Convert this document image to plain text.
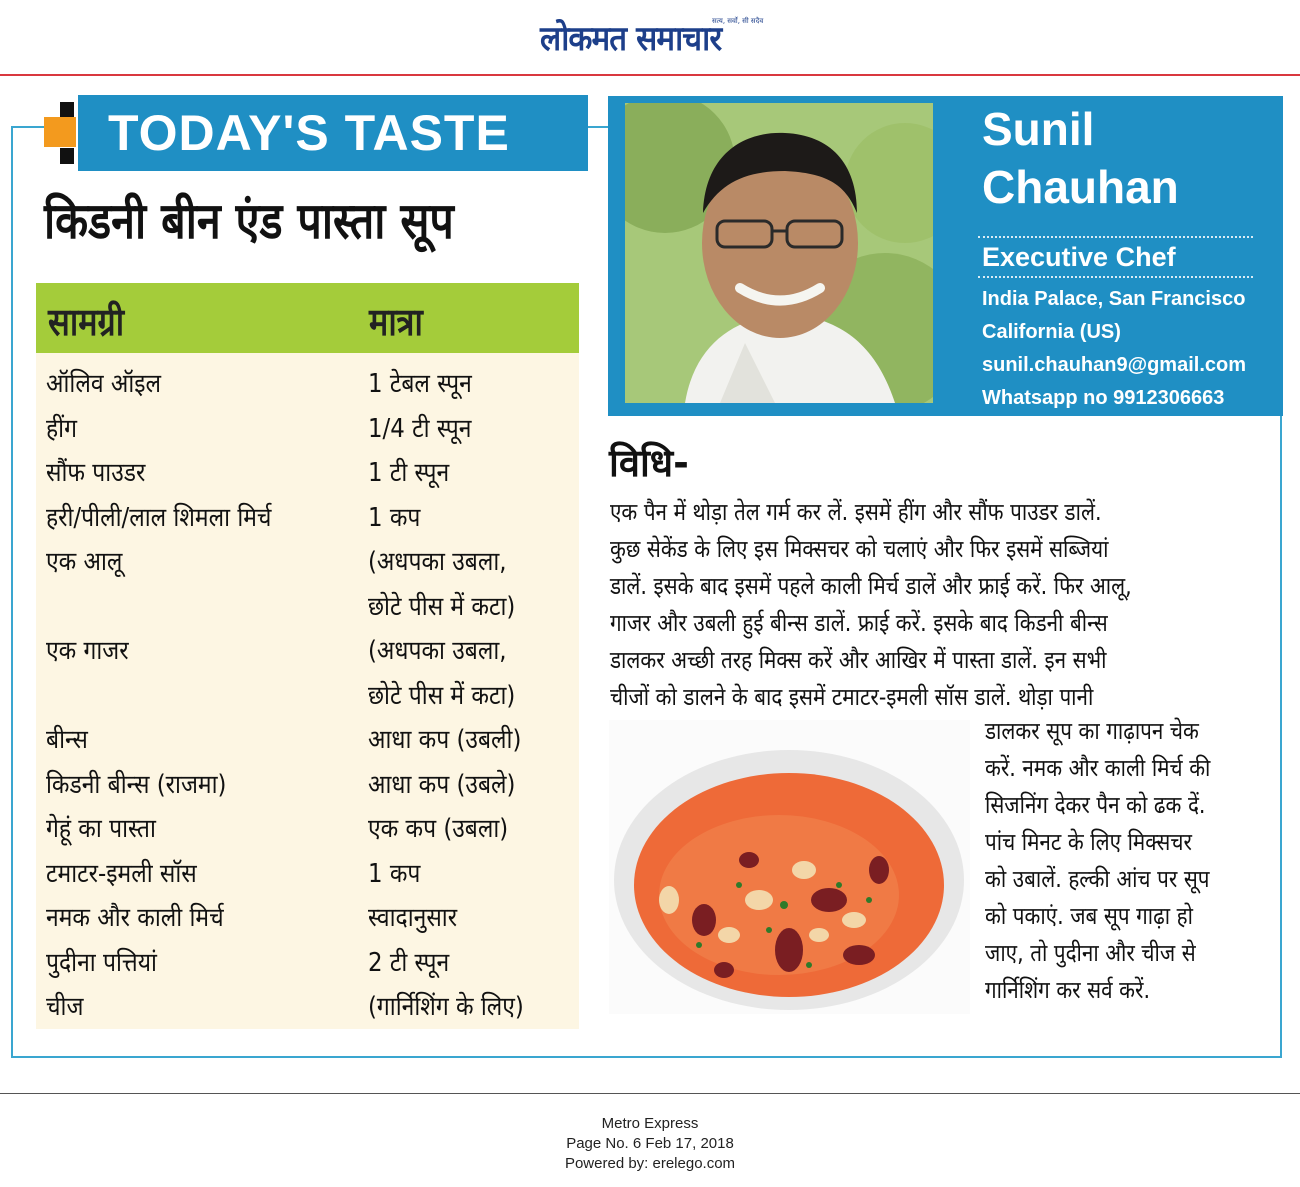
लोकमत समाचार
सत्य, सर्वो, सी सदैव
TODAY'S TASTE
किडनी बीन एंड पास्ता सूप
सामग्री	मात्रा
ऑलिव ऑइल	1 टेबल स्पून
हींग	1/4 टी स्पून
सौंफ पाउडर	1 टी स्पून
हरी/पीली/लाल शिमला मिर्च	1 कप
एक आलू	(अधपका उबला,
छोटे पीस में कटा)
एक गाजर	(अधपका उबला,
छोटे पीस में कटा)
बीन्स	आधा कप (उबली)
किडनी बीन्स (राजमा)	आधा कप (उबले)
गेहूं का पास्ता	एक कप (उबला)
टमाटर-इमली सॉस	1 कप
नमक और काली मिर्च	स्वादानुसार
पुदीना पत्तियां	2 टी स्पून
चीज	(गार्निशिंग के लिए)
Sunil
Chauhan
Executive Chef
India Palace, San Francisco
California (US)
sunil.chauhan9@gmail.com
Whatsapp no 9912306663
विधि-
एक पैन में थोड़ा तेल गर्म कर लें. इसमें हींग और सौंफ पाउडर डालें.
कुछ सेकेंड के लिए इस मिक्सचर को चलाएं और फिर इसमें सब्जियां
डालें. इसके बाद इसमें पहले काली मिर्च डालें और फ्राई करें. फिर आलू,
गाजर और उबली हुई बीन्स डालें. फ्राई करें. इसके बाद किडनी बीन्स
डालकर अच्छी तरह मिक्स करें और आखिर में पास्ता डालें. इन सभी
चीजों को डालने के बाद इसमें टमाटर-इमली सॉस डालें. थोड़ा पानी
डालकर सूप का गाढ़ापन चेक
करें. नमक और काली मिर्च की
सिजनिंग देकर पैन को ढक दें.
पांच मिनट के लिए मिक्सचर
को उबालें. हल्की आंच पर सूप
को पकाएं. जब सूप गाढ़ा हो
जाए, तो पुदीना और चीज से
गार्निशिंग कर सर्व करें.
Metro Express
Page No. 6 Feb 17, 2018
Powered by: erelego.com
